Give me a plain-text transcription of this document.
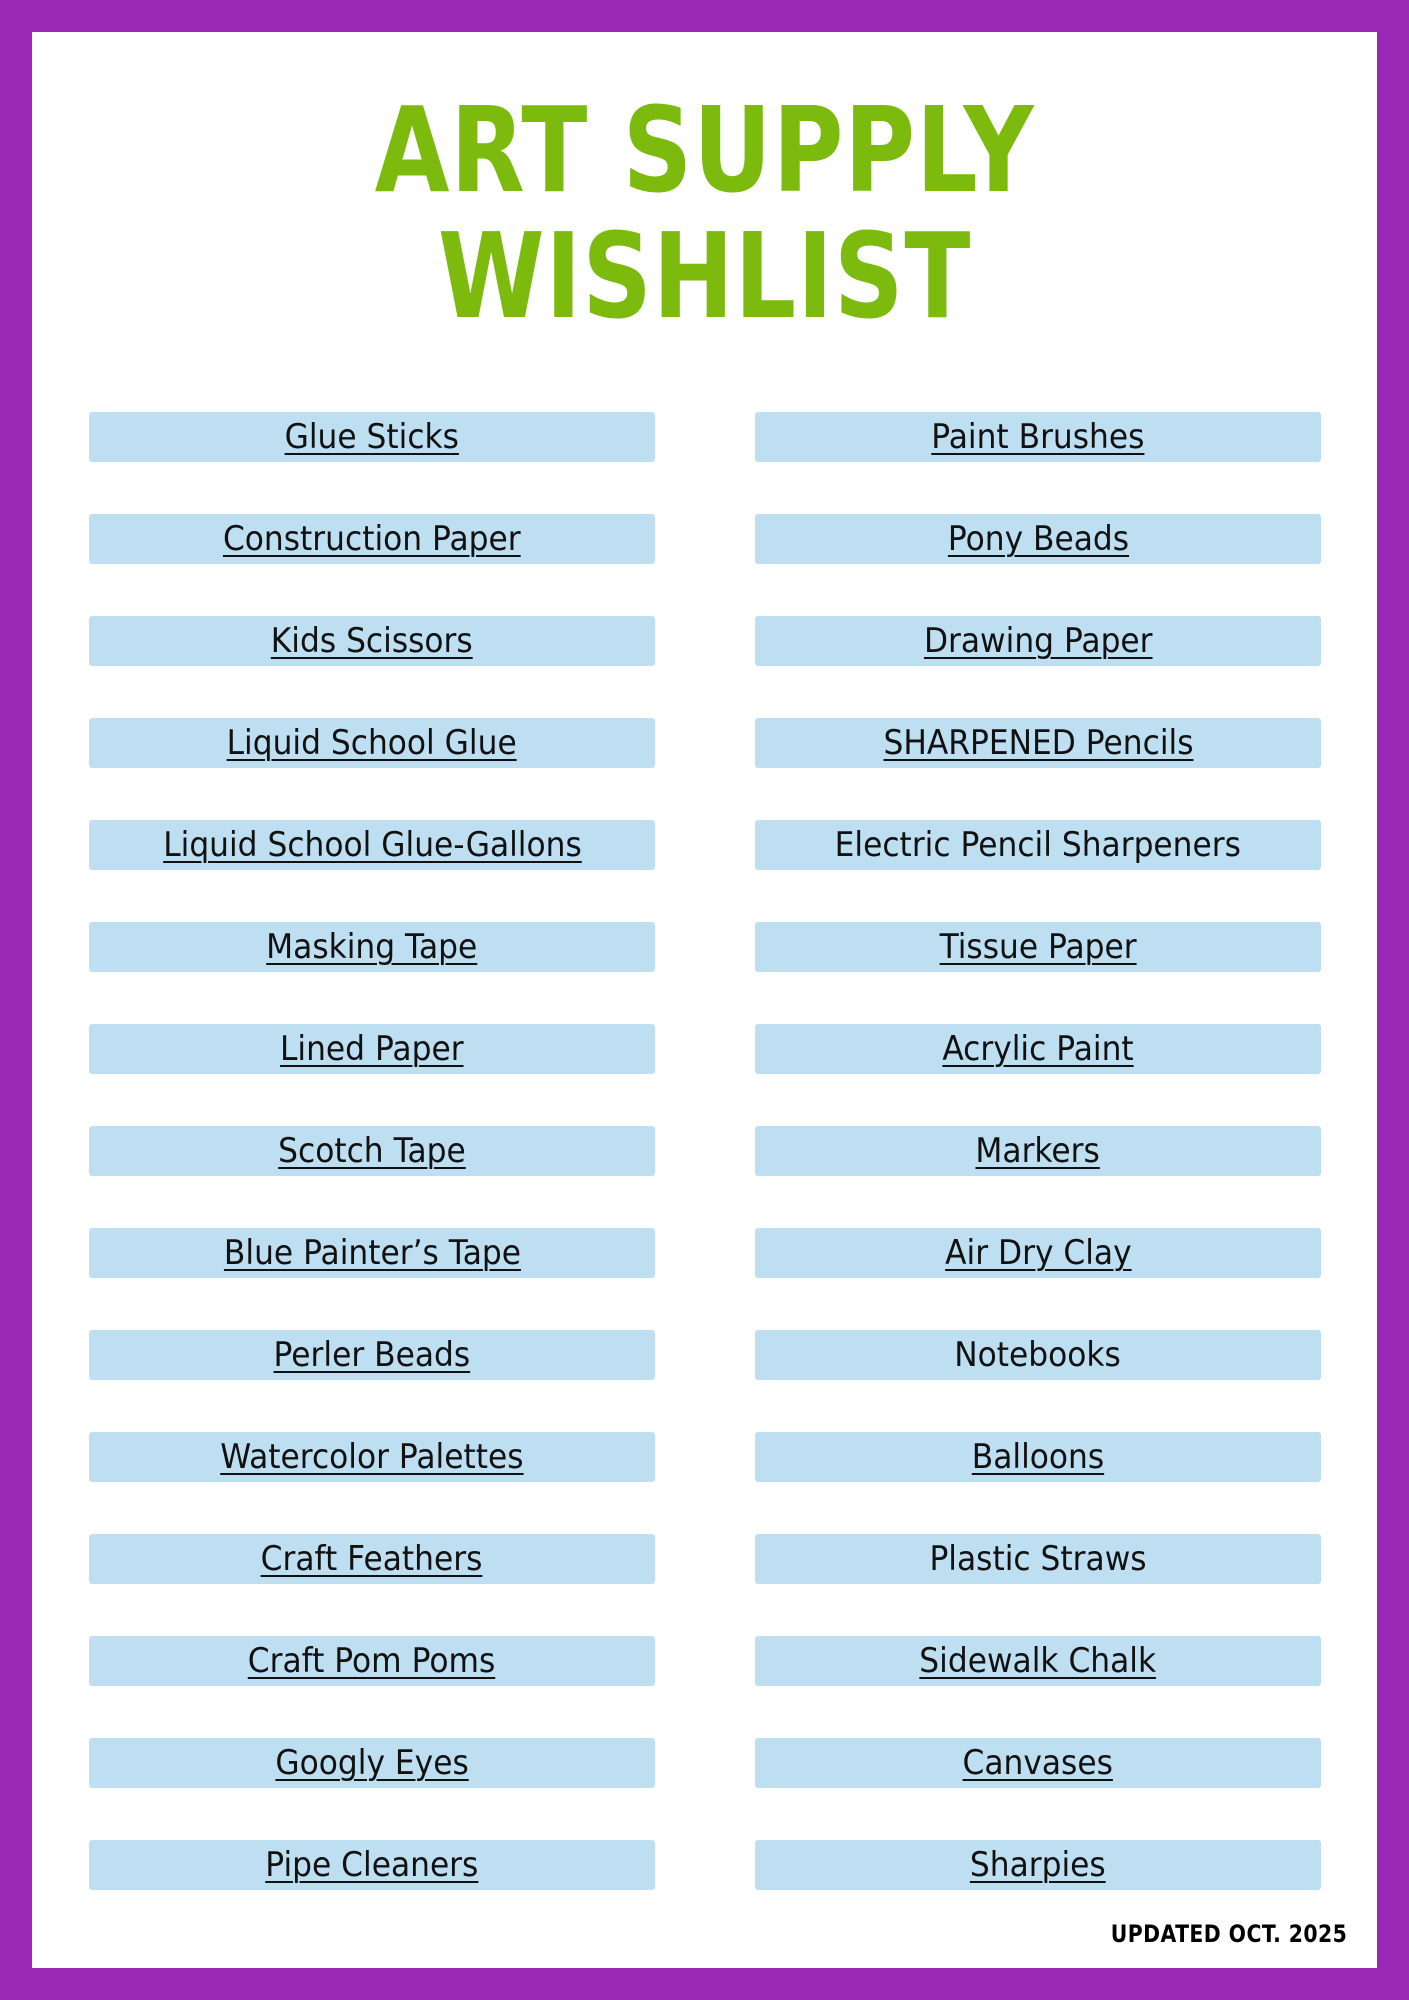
ART SUPPLY
WISHLIST
Glue Sticks
Construction Paper
Kids Scissors
Liquid School Glue
Liquid School Glue-Gallons
Masking Tape
Lined Paper
Scotch Tape
Blue Painter’s Tape
Perler Beads
Watercolor Palettes
Craft Feathers
Craft Pom Poms
Googly Eyes
Pipe Cleaners
Paint Brushes
Pony Beads
Drawing Paper
SHARPENED Pencils
Electric Pencil Sharpeners
Tissue Paper
Acrylic Paint
Markers
Air Dry Clay
Notebooks
Balloons
Plastic Straws
Sidewalk Chalk
Canvases
Sharpies
UPDATED OCT. 2025
